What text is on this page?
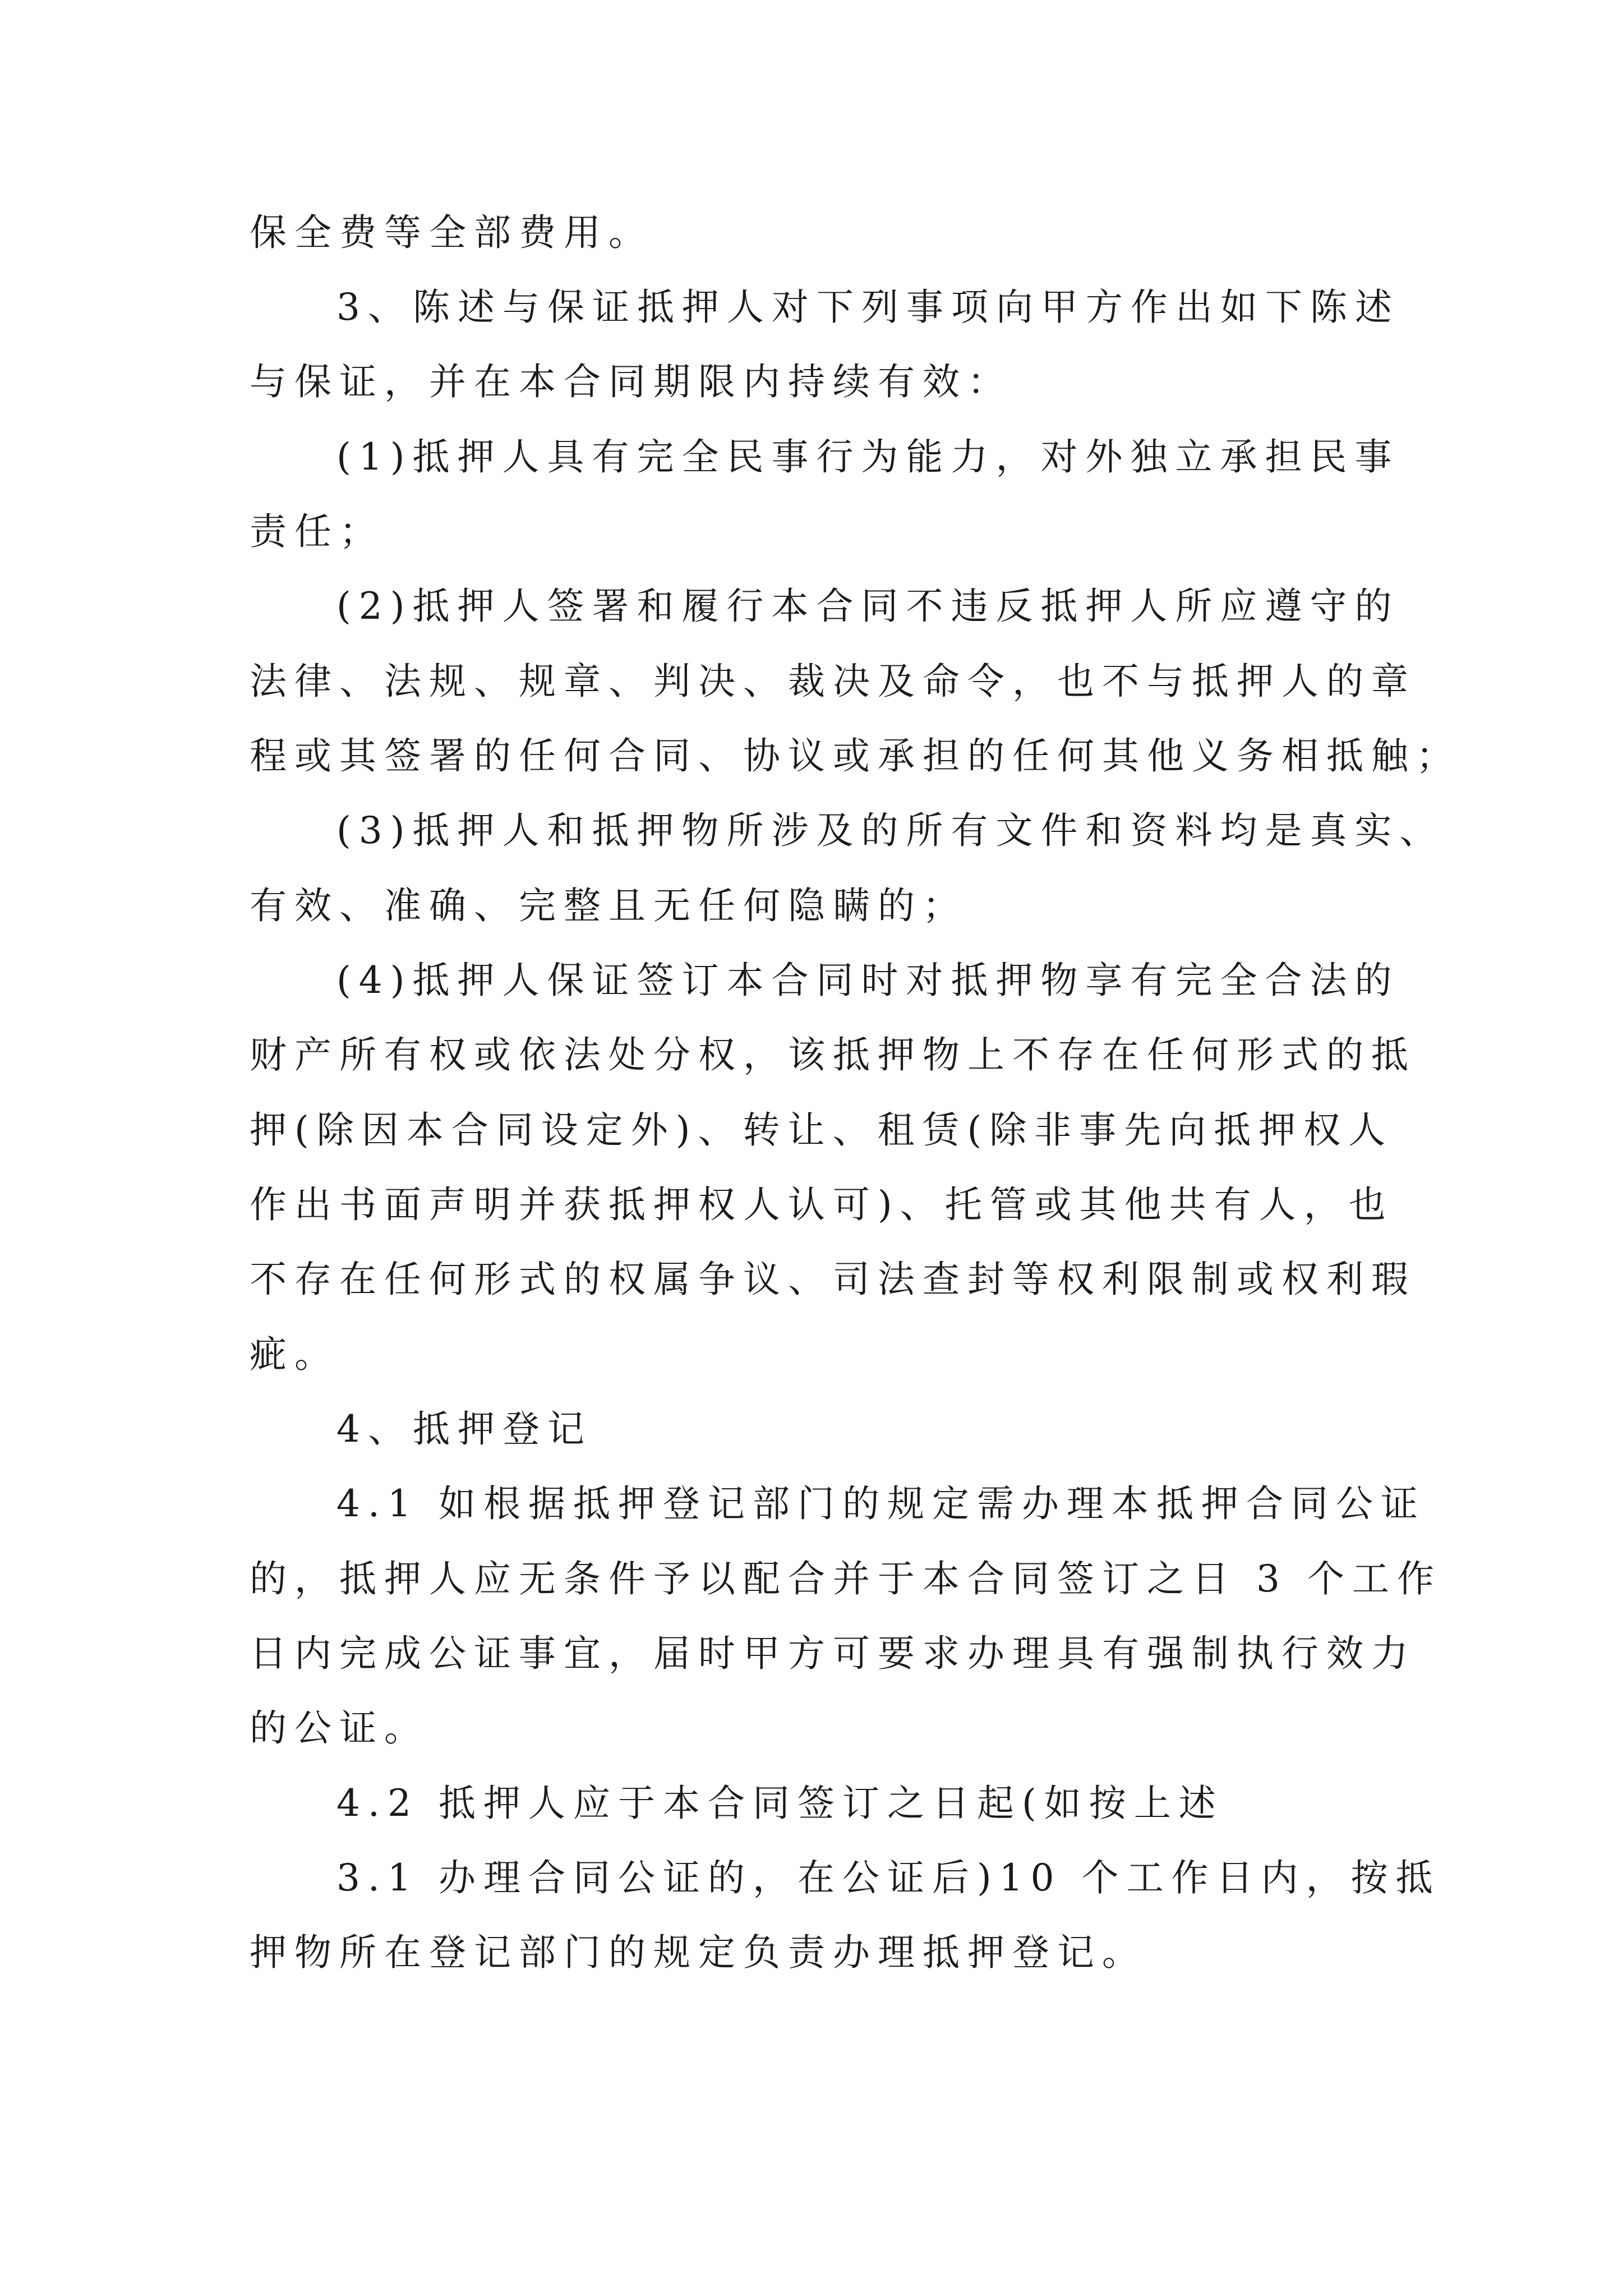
保全费等全部费用。
3、陈述与保证抵押人对下列事项向甲方作出如下陈述
与保证，并在本合同期限内持续有效：
(1)抵押人具有完全民事行为能力，对外独立承担民事
责任；
(2)抵押人签署和履行本合同不违反抵押人所应遵守的
法律、法规、规章、判决、裁决及命令，也不与抵押人的章
程或其签署的任何合同、协议或承担的任何其他义务相抵触；
(3)抵押人和抵押物所涉及的所有文件和资料均是真实、
有效、准确、完整且无任何隐瞒的；
(4)抵押人保证签订本合同时对抵押物享有完全合法的
财产所有权或依法处分权，该抵押物上不存在任何形式的抵
押(除因本合同设定外)、转让、租赁(除非事先向抵押权人
作出书面声明并获抵押权人认可)、托管或其他共有人，也
不存在任何形式的权属争议、司法查封等权利限制或权利瑕
疵。
4、抵押登记
4.1 如根据抵押登记部门的规定需办理本抵押合同公证
的，抵押人应无条件予以配合并于本合同签订之日 3 个工作
日内完成公证事宜，届时甲方可要求办理具有强制执行效力
的公证。
4.2 抵押人应于本合同签订之日起(如按上述
3.1 办理合同公证的，在公证后)10 个工作日内，按抵
押物所在登记部门的规定负责办理抵押登记。
